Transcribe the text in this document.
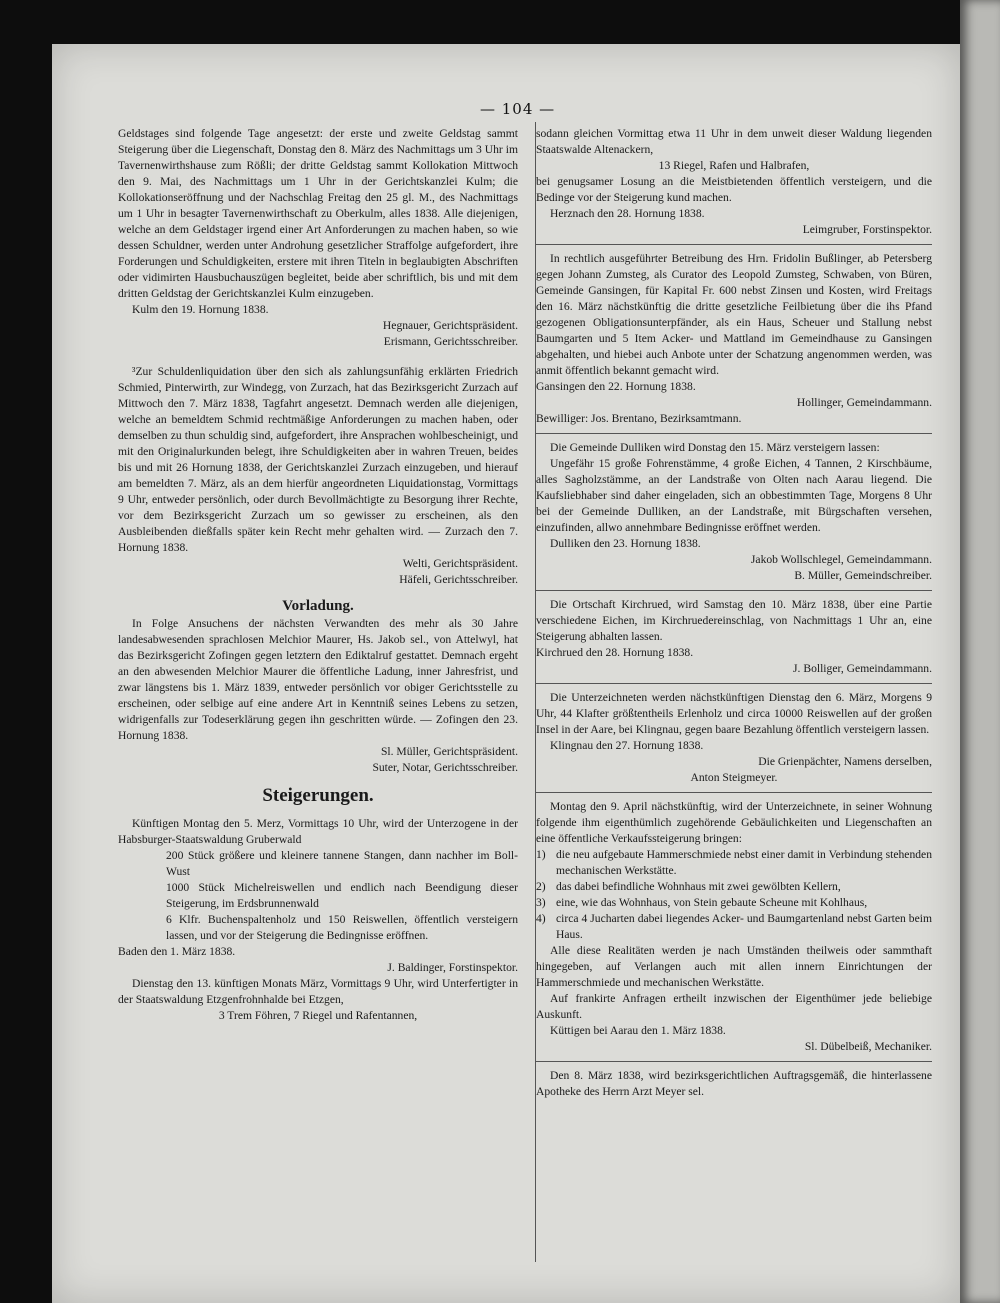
— 104 —

Geldstages sind folgende Tage angesetzt: der erste und zweite Geldstag sammt Steigerung über die Liegenschaft, Donstag den 8. März des Nachmittags um 3 Uhr im Tavernenwirthshause zum Rößli; der dritte Geldstag sammt Kollokation Mittwoch den 9. Mai, des Nachmittags um 1 Uhr in der Gerichtskanzlei Kulm; die Kollokationseröffnung und der Nachschlag Freitag den 25 gl. M., des Nachmittags um 1 Uhr in besagter Tavernenwirthschaft zu Oberkulm, alles 1838. Alle diejenigen, welche an dem Geldstager irgend einer Art Anforderungen zu machen haben, so wie dessen Schuldner, werden unter Androhung gesetzlicher Straffolge aufgefordert, ihre Forderungen und Schuldigkeiten, erstere mit ihren Titeln in beglaubigten Abschriften oder vidimirten Hausbuchauszügen begleitet, beide aber schriftlich, bis und mit dem dritten Geldstag der Gerichtskanzlei Kulm einzugeben.

Kulm den 19. Hornung 1838.

Hegnauer, Gerichtspräsident.

Erismann, Gerichtsschreiber.

³Zur Schuldenliquidation über den sich als zahlungsunfähig erklärten Friedrich Schmied, Pinterwirth, zur Windegg, von Zurzach, hat das Bezirksgericht Zurzach auf Mittwoch den 7. März 1838, Tagfahrt angesetzt. Demnach werden alle diejenigen, welche an bemeldtem Schmid rechtmäßige Anforderungen zu machen haben, oder demselben zu thun schuldig sind, aufgefordert, ihre Ansprachen wohlbescheinigt, und mit den Originalurkunden belegt, ihre Schuldigkeiten aber in wahren Treuen, beides bis und mit 26 Hornung 1838, der Gerichtskanzlei Zurzach einzugeben, und hierauf am bemeldten 7. März, als an dem hierfür angeordneten Liquidationstag, Vormittags 9 Uhr, entweder persönlich, oder durch Bevollmächtigte zu Besorgung ihrer Rechte, vor dem Bezirksgericht Zurzach um so gewisser zu erscheinen, als den Ausbleibenden dießfalls später kein Recht mehr gehalten wird. — Zurzach den 7. Hornung 1838.

Welti, Gerichtspräsident.

Häfeli, Gerichtsschreiber.

Vorladung.

In Folge Ansuchens der nächsten Verwandten des mehr als 30 Jahre landesabwesenden sprachlosen Melchior Maurer, Hs. Jakob sel., von Attelwyl, hat das Bezirksgericht Zofingen gegen letztern den Ediktalruf gestattet. Demnach ergeht an den abwesenden Melchior Maurer die öffentliche Ladung, inner Jahresfrist, und zwar längstens bis 1. März 1839, entweder persönlich vor obiger Gerichtsstelle zu erscheinen, oder selbige auf eine andere Art in Kenntniß seines Lebens zu setzen, widrigenfalls zur Todeserklärung gegen ihn geschritten würde. — Zofingen den 23. Hornung 1838.

Sl. Müller, Gerichtspräsident.

Suter, Notar, Gerichtsschreiber.

Steigerungen.

Künftigen Montag den 5. Merz, Vormittags 10 Uhr, wird der Unterzogene in der Habsburger-Staatswaldung Gruberwald

200 Stück größere und kleinere tannene Stangen, dann nachher im Boll-Wust

1000 Stück Michelreiswellen und endlich nach Beendigung dieser Steigerung, im Erdsbrunnenwald

6 Klfr. Buchenspaltenholz und 150 Reiswellen, öffentlich versteigern lassen, und vor der Steigerung die Bedingnisse eröffnen.

Baden den 1. März 1838.

J. Baldinger, Forstinspektor.

Dienstag den 13. künftigen Monats März, Vormittags 9 Uhr, wird Unterfertigter in der Staatswaldung Etzgenfrohnhalde bei Etzgen,

3 Trem Föhren, 7 Riegel und Rafentannen,

sodann gleichen Vormittag etwa 11 Uhr in dem unweit dieser Waldung liegenden Staatswalde Altenackern,

13 Riegel, Rafen und Halbrafen,

bei genugsamer Losung an die Meistbietenden öffentlich versteigern, und die Bedinge vor der Steigerung kund machen.

Herznach den 28. Hornung 1838.

Leimgruber, Forstinspektor.

In rechtlich ausgeführter Betreibung des Hrn. Fridolin Bußlinger, ab Petersberg gegen Johann Zumsteg, als Curator des Leopold Zumsteg, Schwaben, von Büren, Gemeinde Gansingen, für Kapital Fr. 600 nebst Zinsen und Kosten, wird Freitags den 16. März nächstkünftig die dritte gesetzliche Feilbietung über die ihs Pfand gezogenen Obligationsunterpfänder, als ein Haus, Scheuer und Stallung nebst Baumgarten und 5 Item Acker- und Mattland im Gemeindhause zu Gansingen abgehalten, und hiebei auch Anbote unter der Schatzung angenommen werden, was anmit öffentlich bekannt gemacht wird.

Gansingen den 22. Hornung 1838.

Hollinger, Gemeindammann.

Bewilliger: Jos. Brentano, Bezirksamtmann.

Die Gemeinde Dulliken wird Donstag den 15. März versteigern lassen:

Ungefähr 15 große Fohrenstämme, 4 große Eichen, 4 Tannen, 2 Kirschbäume, alles Sagholzstämme, an der Landstraße von Olten nach Aarau liegend. Die Kaufsliebhaber sind daher eingeladen, sich an obbestimmten Tage, Morgens 8 Uhr bei der Gemeinde Dulliken, an der Landstraße, mit Bürgschaften versehen, einzufinden, allwo annehmbare Bedingnisse eröffnet werden.

Dulliken den 23. Hornung 1838.

Jakob Wollschlegel, Gemeindammann.

B. Müller, Gemeindschreiber.

Die Ortschaft Kirchrued, wird Samstag den 10. März 1838, über eine Partie verschiedene Eichen, im Kirchruedereinschlag, von Nachmittags 1 Uhr an, eine Steigerung abhalten lassen.

Kirchrued den 28. Hornung 1838.

J. Bolliger, Gemeindammann.

Die Unterzeichneten werden nächstkünftigen Dienstag den 6. März, Morgens 9 Uhr, 44 Klafter größtentheils Erlenholz und circa 10000 Reiswellen auf der großen Insel in der Aare, bei Klingnau, gegen baare Bezahlung öffentlich versteigern lassen.

Klingnau den 27. Hornung 1838.

Die Grienpächter, Namens derselben,

Anton Steigmeyer.

Montag den 9. April nächstkünftig, wird der Unterzeichnete, in seiner Wohnung folgende ihm eigenthümlich zugehörende Gebäulichkeiten und Liegenschaften an eine öffentliche Verkaufssteigerung bringen:

1) die neu aufgebaute Hammerschmiede nebst einer damit in Verbindung stehenden mechanischen Werkstätte.
2) das dabei befindliche Wohnhaus mit zwei gewölbten Kellern,
3) eine, wie das Wohnhaus, von Stein gebaute Scheune mit Kohlhaus,
4) circa 4 Jucharten dabei liegendes Acker- und Baumgartenland nebst Garten beim Haus.

Alle diese Realitäten werden je nach Umständen theilweis oder sammthaft hingegeben, auf Verlangen auch mit allen innern Einrichtungen der Hammerschmiede und mechanischen Werkstätte.

Auf frankirte Anfragen ertheilt inzwischen der Eigenthümer jede beliebige Auskunft.

Küttigen bei Aarau den 1. März 1838.

Sl. Dübelbeiß, Mechaniker.

Den 8. März 1838, wird bezirksgerichtlichen Auftragsgemäß, die hinterlassene Apotheke des Herrn Arzt Meyer sel.
